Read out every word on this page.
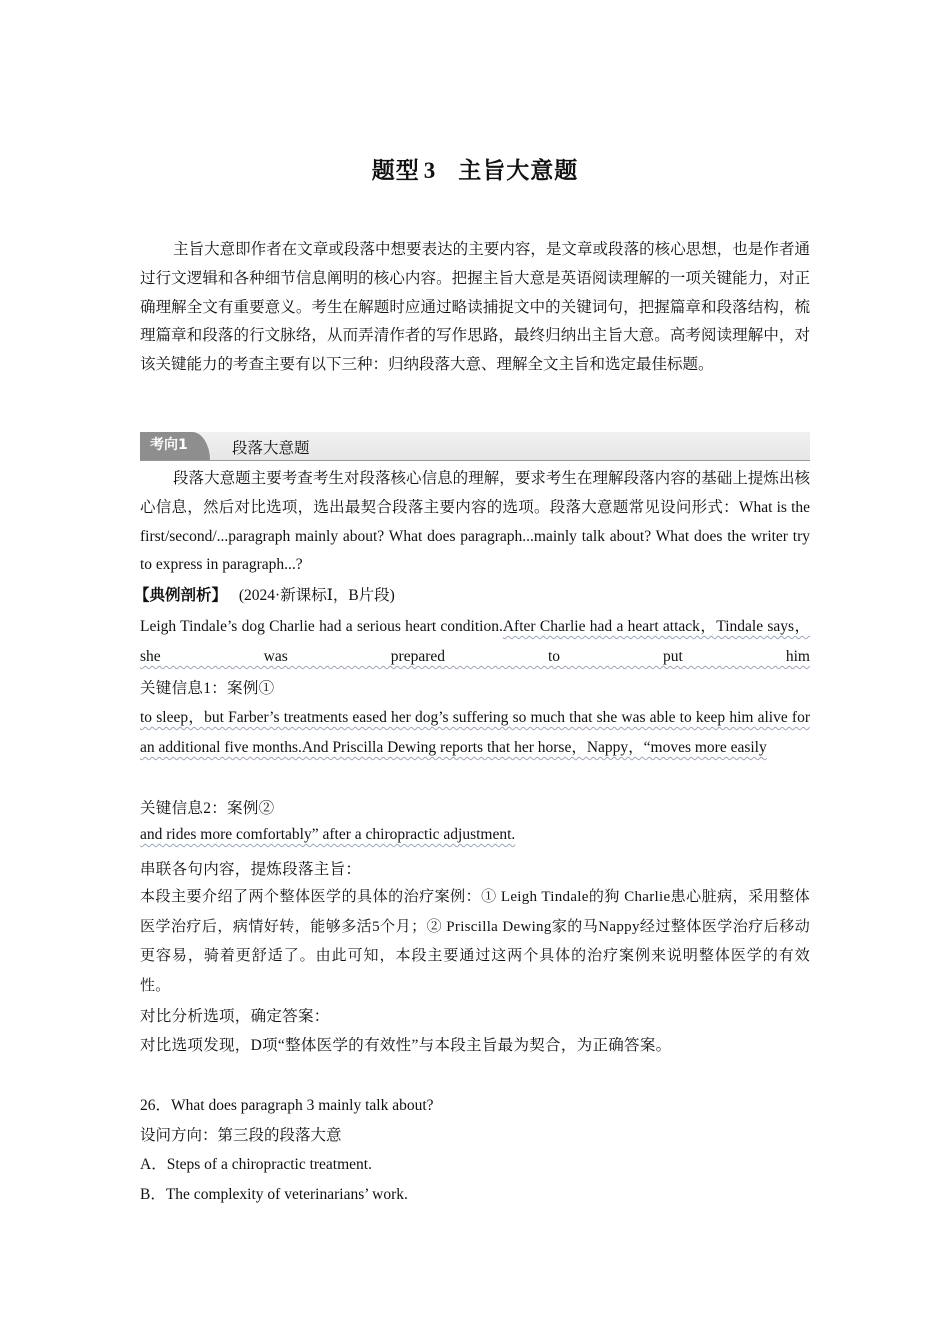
题型 3 主旨大意题

主旨大意即作者在文章或段落中想要表达的主要内容，是文章或段落的核心思想，也是作者通过行文逻辑和各种细节信息阐明的核心内容。把握主旨大意是英语阅读理解的一项关键能力，对正确理解全文有重要意义。考生在解题时应通过略读捕捉文中的关键词句，把握篇章和段落结构，梳理篇章和段落的行文脉络，从而弄清作者的写作思路，最终归纳出主旨大意。高考阅读理解中，对该关键能力的考查主要有以下三种：归纳段落大意、理解全文主旨和选定最佳标题。

考向1	段落大意题

段落大意题主要考查考生对段落核心信息的理解，要求考生在理解段落内容的基础上提炼出核心信息，然后对比选项，选出最契合段落主要内容的选项。段落大意题常见设问形式：What is the first/second/...paragraph mainly about? What does paragraph...mainly talk about? What does the writer try to express in paragraph...?

【典例剖析】 (2024·新课标Ⅰ，B片段)

Leigh Tindale’s dog Charlie had a serious heart condition.After Charlie had a heart attack，Tindale says，she was prepared to put him

关键信息1：案例①

to sleep，but Farber’s treatments eased her dog’s suffering so much that she was able to keep him alive for an additional five months.And Priscilla Dewing reports that her horse，Nappy，“moves more easily

关键信息2：案例②
and rides more comfortably” after a chiropractic adjustment.
串联各句内容，提炼段落主旨：

本段主要介绍了两个整体医学的具体的治疗案例：① Leigh Tindale的狗 Charlie患心脏病，采用整体医学治疗后，病情好转，能够多活5个月；② Priscilla Dewing家的马Nappy经过整体医学治疗后移动更容易，骑着更舒适了。由此可知，本段主要通过这两个具体的治疗案例来说明整体医学的有效性。

对比分析选项，确定答案：
对比选项发现，D项“整体医学的有效性”与本段主旨最为契合，为正确答案。
26．What does paragraph 3 mainly talk about?
设问方向：第三段的段落大意
A．Steps of a chiropractic treatment.
B．The complexity of veterinarians’ work.
